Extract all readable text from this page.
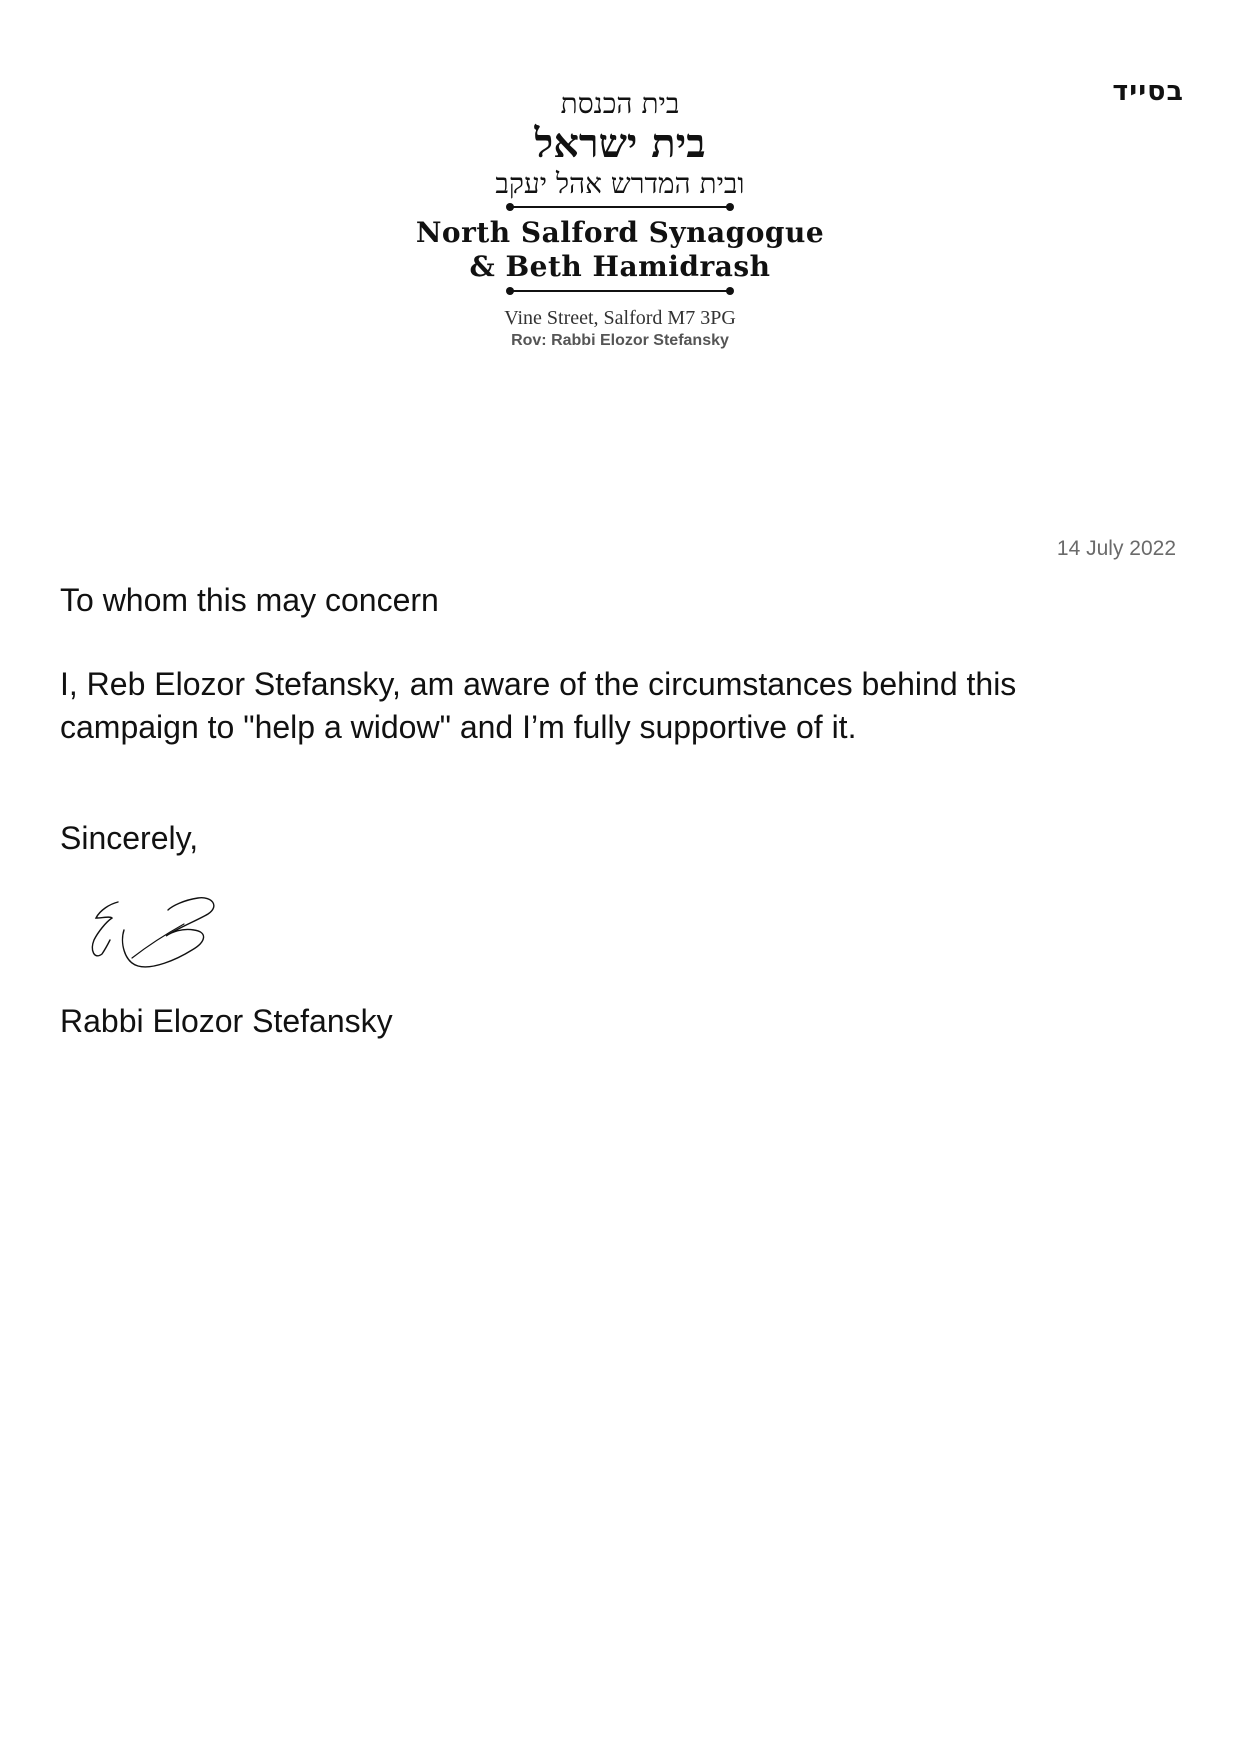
בסייד
בית הכנסת
בית ישראל
ובית המדרש אהל יעקב
North Salford Synagogue
& Beth Hamidrash
Vine Street, Salford M7 3PG
Rov: Rabbi Elozor Stefansky
14 July 2022
To whom this may concern
I, Reb Elozor Stefansky, am aware of the circumstances behind this
campaign to "help a widow" and I’m fully supportive of it.
Sincerely,
Rabbi Elozor Stefansky
